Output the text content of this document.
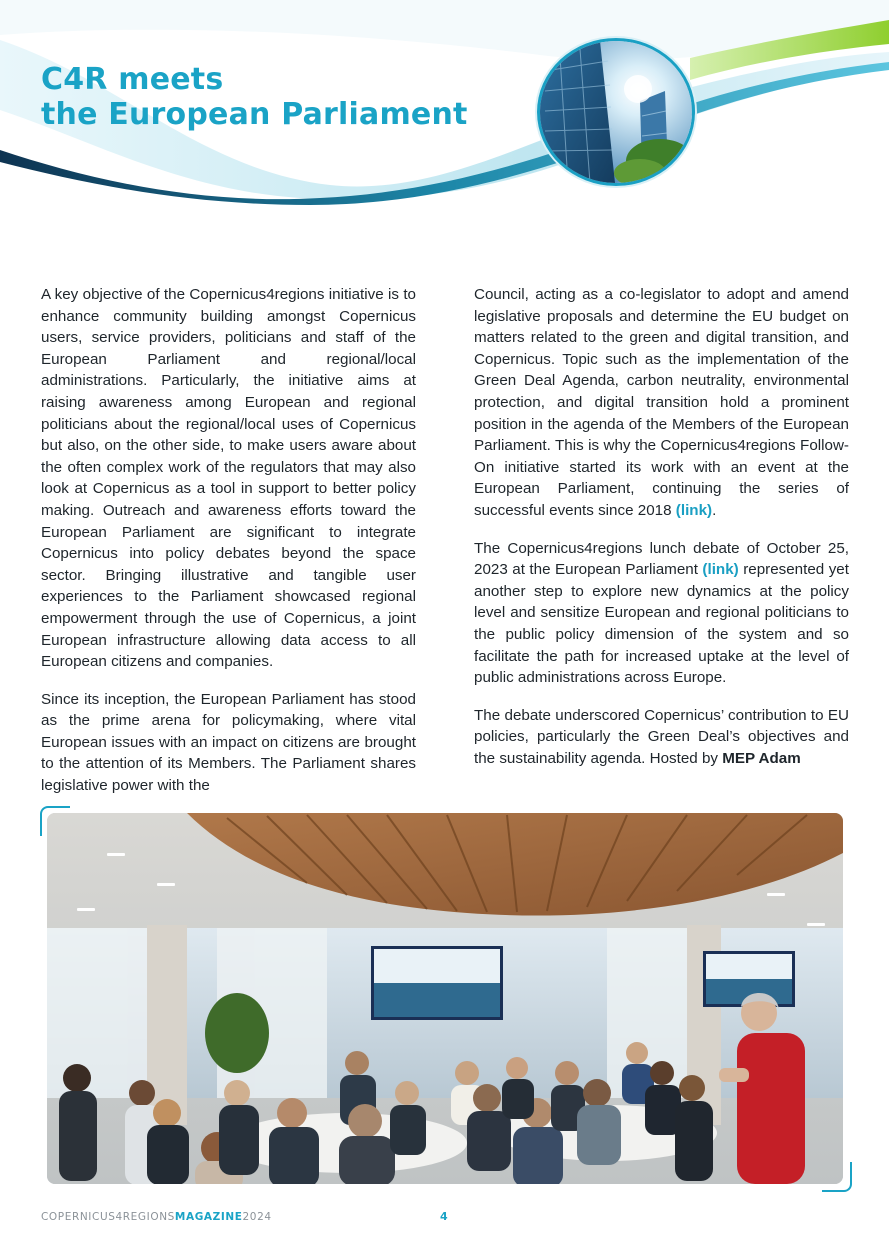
C4R meets
the European Parliament

A key objective of the Copernicus4regions initiative is to enhance community building amongst Copernicus users, service providers, politicians and staff of the European Parliament and regional/local administrations. Particularly, the initiative aims at raising awareness among European and regional politicians about the regional/local uses of Copernicus but also, on the other side, to make users aware about the often complex work of the regulators that may also look at Copernicus as a tool in support to better policy making. Outreach and awareness efforts toward the European Parliament are significant to integrate Copernicus into policy debates beyond the space sector. Bringing illustrative and tangible user experiences to the Parliament showcased regional empowerment through the use of Copernicus, a joint European infrastructure allowing data access to all European citizens and companies.

Since its inception, the European Parliament has stood as the prime arena for policymaking, where vital European issues with an impact on citizens are brought to the attention of its Members. The Parliament shares legislative power with the

Council, acting as a co-legislator to adopt and amend legislative proposals and determine the EU budget on matters related to the green and digital transition, and Copernicus. Topic such as the implementation of the Green Deal Agenda, carbon neutrality, environmental protection, and digital transition hold a prominent position in the agenda of the Members of the European Parliament. This is why the Copernicus4regions Follow-On initiative started its work with an event at the European Parliament, continuing the series of successful events since 2018 (link).

The Copernicus4regions lunch debate of October 25, 2023 at the European Parliament (link) represented yet another step to explore new dynamics at the policy level and sensitize European and regional politicians to the public policy dimension of the system and so facilitate the path for increased uptake at the level of public administrations across Europe.

The debate underscored Copernicus’ contribution to EU policies, particularly the Green Deal’s objectives and the sustainability agenda. Hosted by MEP Adam

COPERNICUS4REGIONSMAGAZINE2024	4
